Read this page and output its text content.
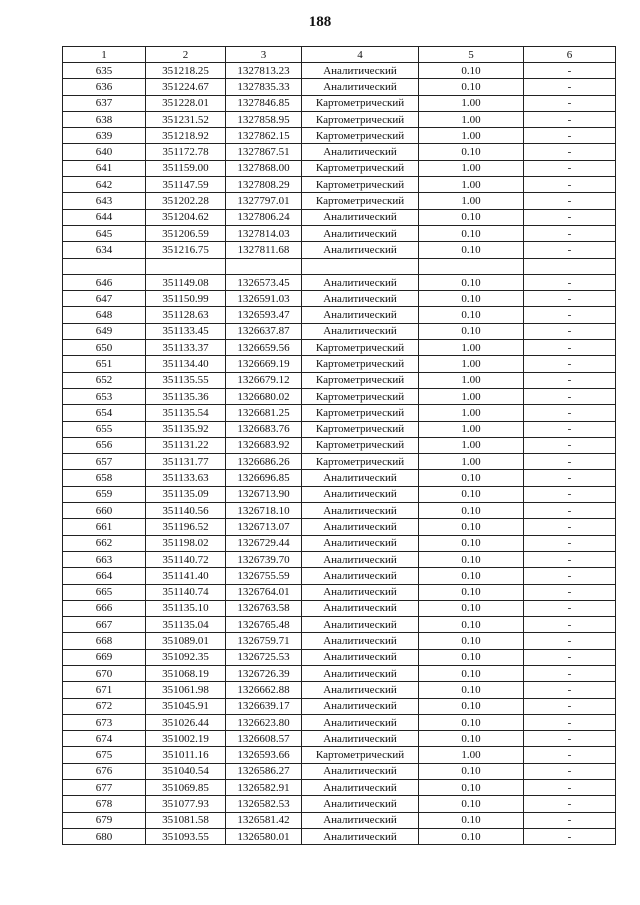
188
1	2	3	4	5	6
635	351218.25	1327813.23	Аналитический	0.10	-
636	351224.67	1327835.33	Аналитический	0.10	-
637	351228.01	1327846.85	Картометрический	1.00	-
638	351231.52	1327858.95	Картометрический	1.00	-
639	351218.92	1327862.15	Картометрический	1.00	-
640	351172.78	1327867.51	Аналитический	0.10	-
641	351159.00	1327868.00	Картометрический	1.00	-
642	351147.59	1327808.29	Картометрический	1.00	-
643	351202.28	1327797.01	Картометрический	1.00	-
644	351204.62	1327806.24	Аналитический	0.10	-
645	351206.59	1327814.03	Аналитический	0.10	-
634	351216.75	1327811.68	Аналитический	0.10	-

646	351149.08	1326573.45	Аналитический	0.10	-
647	351150.99	1326591.03	Аналитический	0.10	-
648	351128.63	1326593.47	Аналитический	0.10	-
649	351133.45	1326637.87	Аналитический	0.10	-
650	351133.37	1326659.56	Картометрический	1.00	-
651	351134.40	1326669.19	Картометрический	1.00	-
652	351135.55	1326679.12	Картометрический	1.00	-
653	351135.36	1326680.02	Картометрический	1.00	-
654	351135.54	1326681.25	Картометрический	1.00	-
655	351135.92	1326683.76	Картометрический	1.00	-
656	351131.22	1326683.92	Картометрический	1.00	-
657	351131.77	1326686.26	Картометрический	1.00	-
658	351133.63	1326696.85	Аналитический	0.10	-
659	351135.09	1326713.90	Аналитический	0.10	-
660	351140.56	1326718.10	Аналитический	0.10	-
661	351196.52	1326713.07	Аналитический	0.10	-
662	351198.02	1326729.44	Аналитический	0.10	-
663	351140.72	1326739.70	Аналитический	0.10	-
664	351141.40	1326755.59	Аналитический	0.10	-
665	351140.74	1326764.01	Аналитический	0.10	-
666	351135.10	1326763.58	Аналитический	0.10	-
667	351135.04	1326765.48	Аналитический	0.10	-
668	351089.01	1326759.71	Аналитический	0.10	-
669	351092.35	1326725.53	Аналитический	0.10	-
670	351068.19	1326726.39	Аналитический	0.10	-
671	351061.98	1326662.88	Аналитический	0.10	-
672	351045.91	1326639.17	Аналитический	0.10	-
673	351026.44	1326623.80	Аналитический	0.10	-
674	351002.19	1326608.57	Аналитический	0.10	-
675	351011.16	1326593.66	Картометрический	1.00	-
676	351040.54	1326586.27	Аналитический	0.10	-
677	351069.85	1326582.91	Аналитический	0.10	-
678	351077.93	1326582.53	Аналитический	0.10	-
679	351081.58	1326581.42	Аналитический	0.10	-
680	351093.55	1326580.01	Аналитический	0.10	-
